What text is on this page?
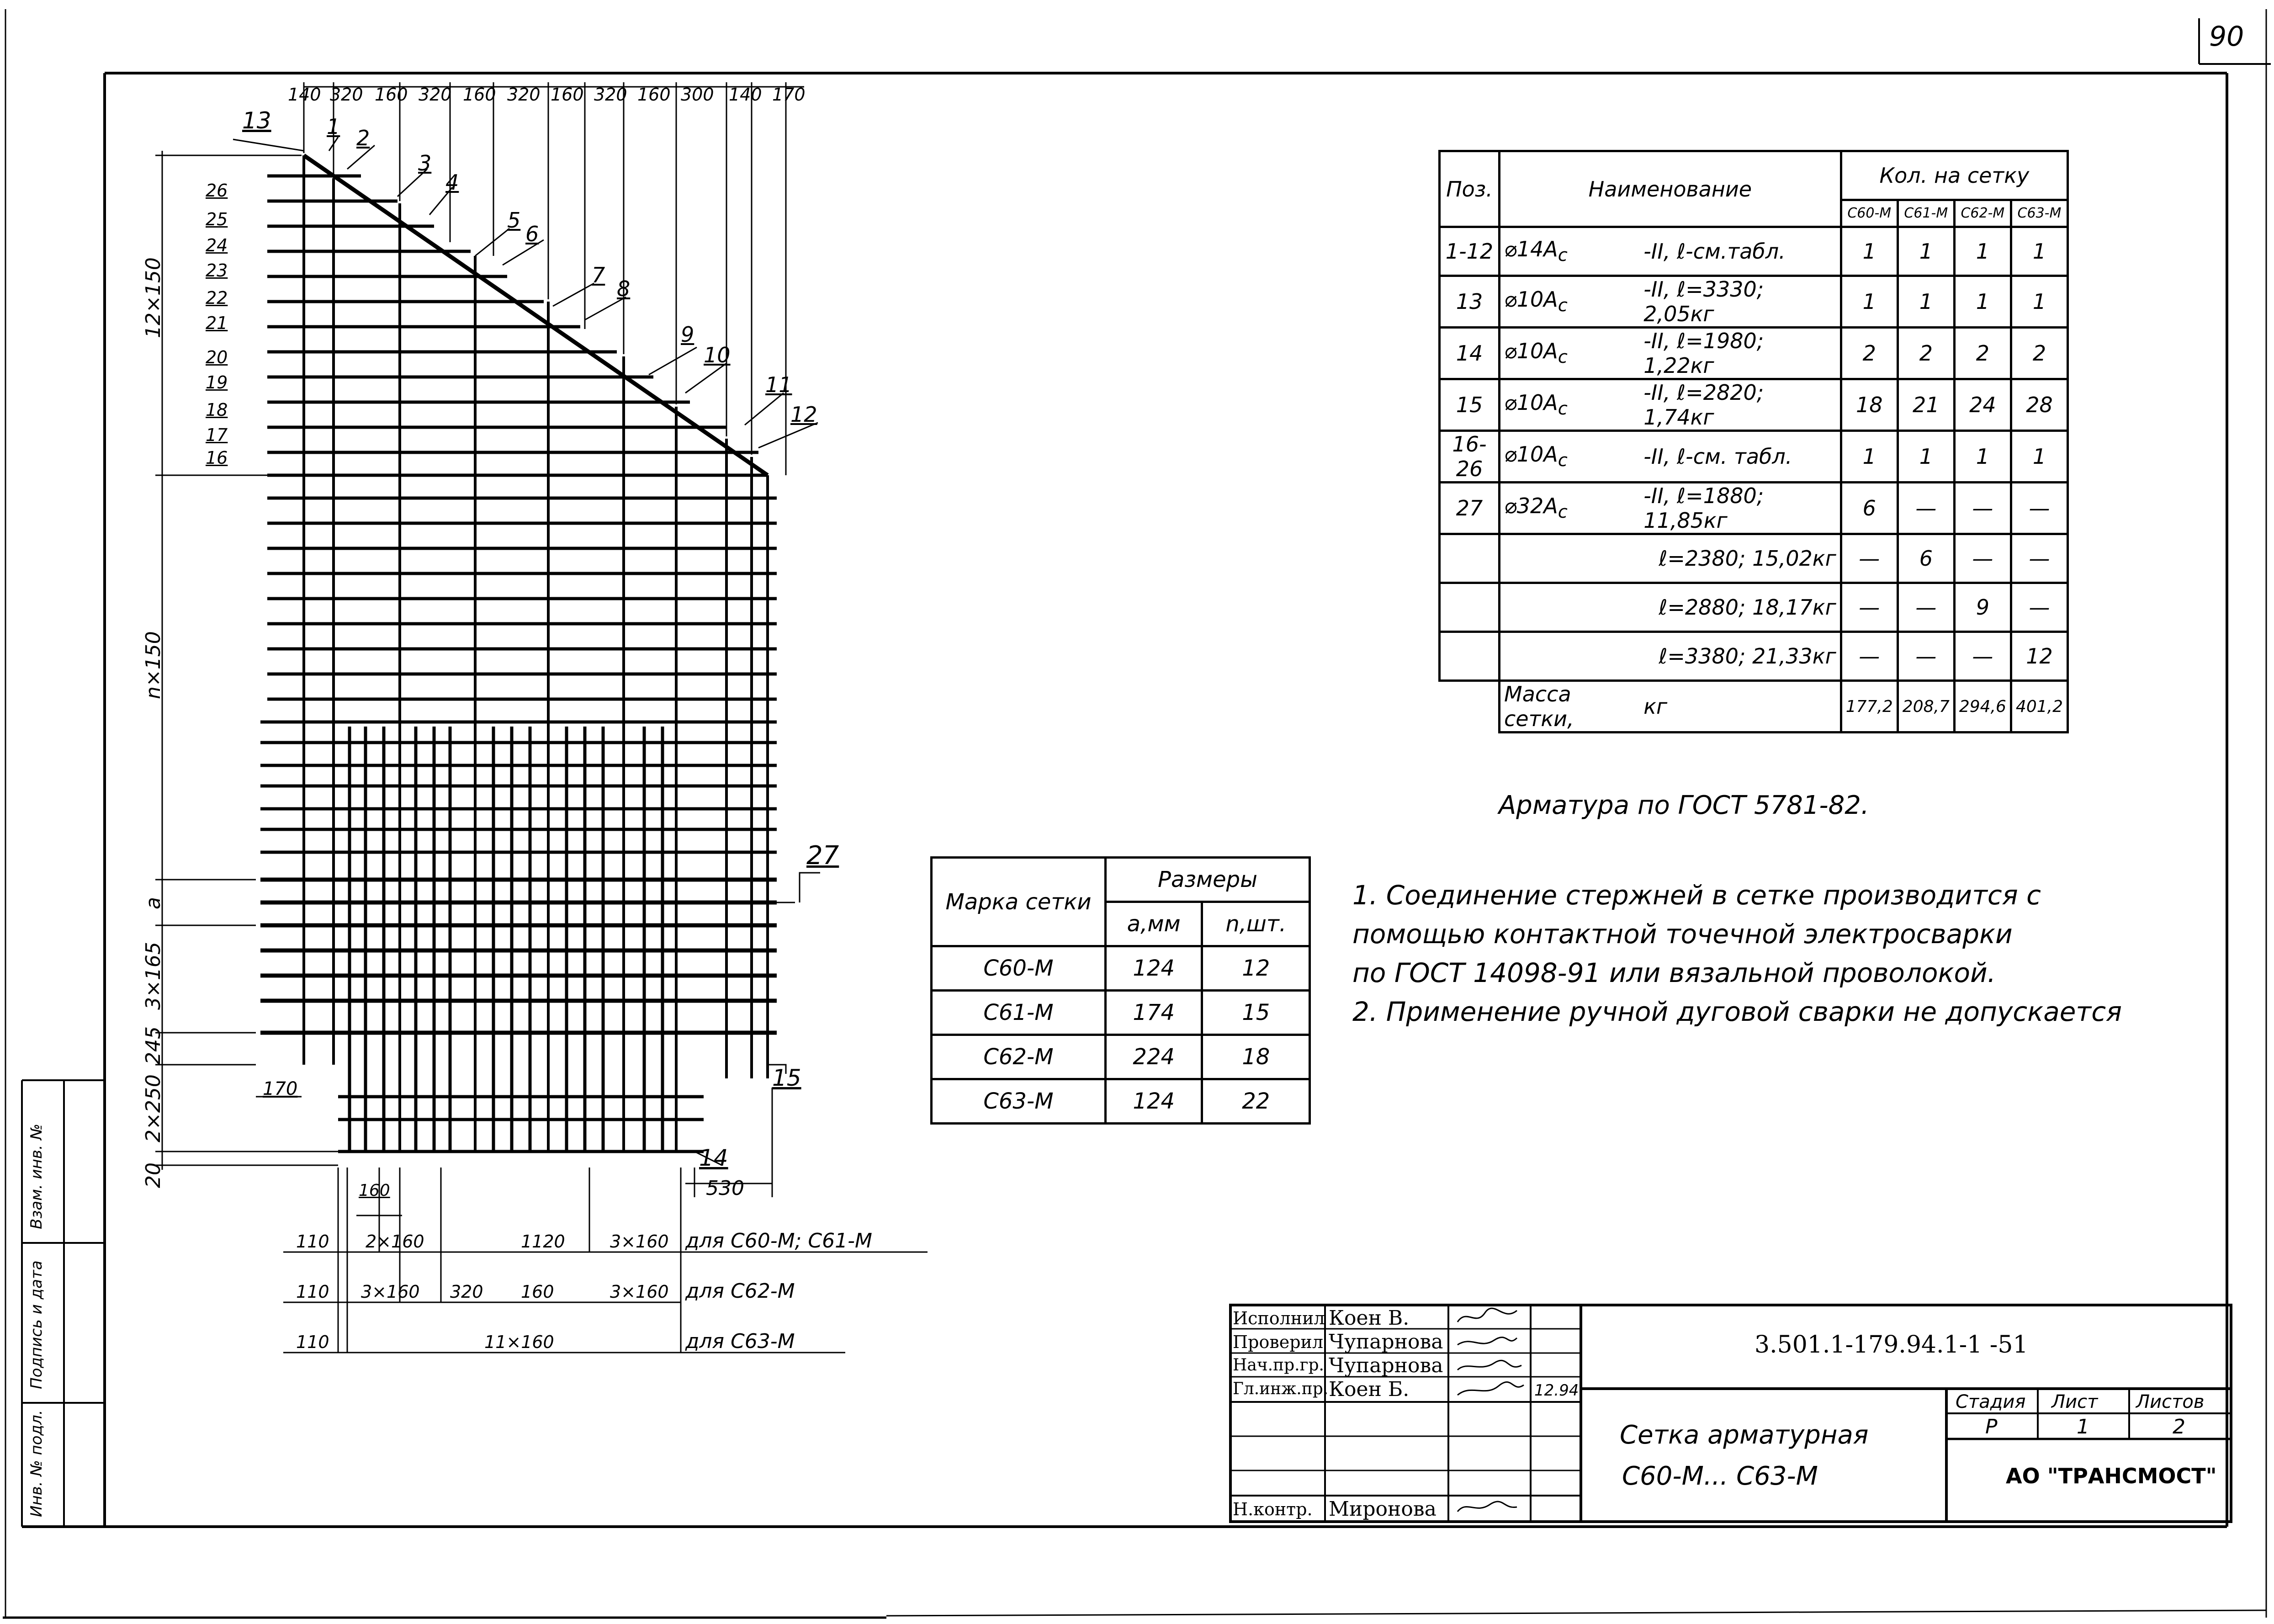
90
Инв. № подл.
Подпись и дата
Взам. инв. №
140 320 160 320 160 320 160 320 160 300 140 170
13	1 2
3
4
5
6
7
8
9
10
11
12
26
25
24
23
22
21
20
19
18
17
16
12×150
n×150
a
3×165
245
2×250
20
170
27
15
14
530
160
110 2×160	1120	3×160 для С60-М; С61-М
110 3×160 320 160	3×160 для С62-М
110	11×160	для С63-М
Поз.	Наименование		Кол. на сетку			
			С60-М	С61-М	С62-М	С63-М
1-12	$⌀14А_с$	-II, ℓ-см.табл.	1	1	1	1
13	$⌀10А_с$	-II, ℓ=3330; 2,05кг	1	1	1	1
14	$⌀10А_с$	-II, ℓ=1980; 1,22кг	2	2	2	2
15	$⌀10А_с$	-II, ℓ=2820; 1,74кг	18	21	24	28
16-26	$⌀10А_с$	-II, ℓ-см. табл.	1	1	1	1
27	$⌀32А_с$	-II, ℓ=1880; 11,85кг	6	—	—	—
		ℓ=2380; 15,02кг	—	6	—	—
		ℓ=2880; 18,17кг	—	—	9	—
		ℓ=3380; 21,33кг	—	—	—	12
	Масса сетки,	кг	177,2	208,7	294,6	401,2
Арматура по ГОСТ 5781-82.
Марка сетки	Размеры	
	a,мм	n,шт.
С60-М	124	12
С61-М	174	15
С62-М	224	18
С63-М	124	22
1. Соединение стержней в сетке производится с
помощью контактной точечной электросварки
по ГОСТ 14098-91 или вязальной проволокой.
2. Применение ручной дуговой сварки не допускается
Исполнил Коен В.
Проверил Чупарнова
Нач.пр.гр. Чупарнова
Гл.инж.пр. Коен Б.	12.94
Н.контр. Миронова
3.501.1-179.94.1-1 -51
Сетка арматурная
С60-М... С63-М
Стадия Лист Листов
Р	1	2
АО "ТРАНСМОСТ"
